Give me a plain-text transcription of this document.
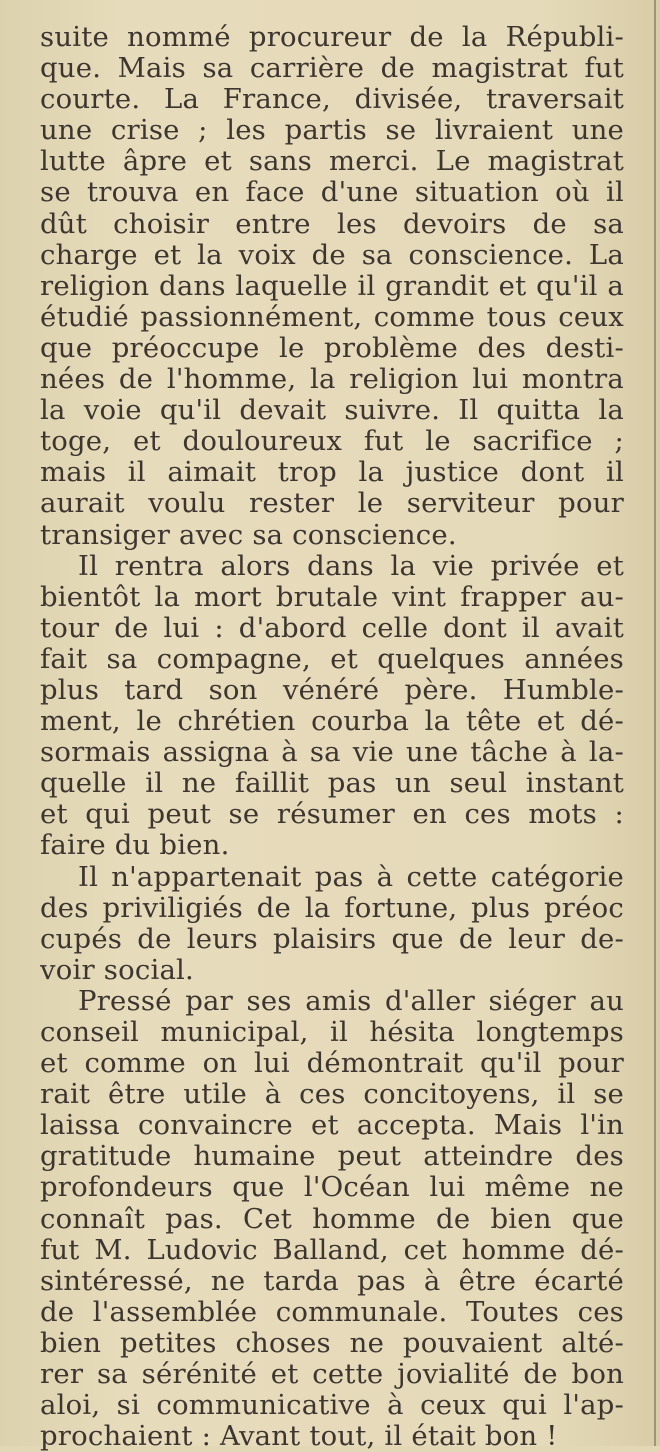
suite nommé procureur de la Républi-
que. Mais sa carrière de magistrat fut
courte. La France, divisée, traversait
une crise ; les partis se livraient une
lutte âpre et sans merci. Le magistrat
se trouva en face d'une situation où il
dût choisir entre les devoirs de sa
charge et la voix de sa conscience. La
religion dans laquelle il grandit et qu'il a
étudié passionnément, comme tous ceux
que préoccupe le problème des desti-
nées de l'homme, la religion lui montra
la voie qu'il devait suivre. Il quitta la
toge, et douloureux fut le sacrifice ;
mais il aimait trop la justice dont il
aurait voulu rester le serviteur pour
transiger avec sa conscience.
Il rentra alors dans la vie privée et
bientôt la mort brutale vint frapper au-
tour de lui : d'abord celle dont il avait
fait sa compagne, et quelques années
plus tard son vénéré père. Humble-
ment, le chrétien courba la tête et dé-
sormais assigna à sa vie une tâche à la-
quelle il ne faillit pas un seul instant
et qui peut se résumer en ces mots :
faire du bien.
Il n'appartenait pas à cette catégorie
des priviligiés de la fortune, plus préoc
cupés de leurs plaisirs que de leur de-
voir social.
Pressé par ses amis d'aller siéger au
conseil municipal, il hésita longtemps
et comme on lui démontrait qu'il pour
rait être utile à ces concitoyens, il se
laissa convaincre et accepta. Mais l'in
gratitude humaine peut atteindre des
profondeurs que l'Océan lui même ne
connaît pas. Cet homme de bien que
fut M. Ludovic Balland, cet homme dé-
sintéressé, ne tarda pas à être écarté
de l'assemblée communale. Toutes ces
bien petites choses ne pouvaient alté-
rer sa sérénité et cette jovialité de bon
aloi, si communicative à ceux qui l'ap-
prochaient : Avant tout, il était bon !
